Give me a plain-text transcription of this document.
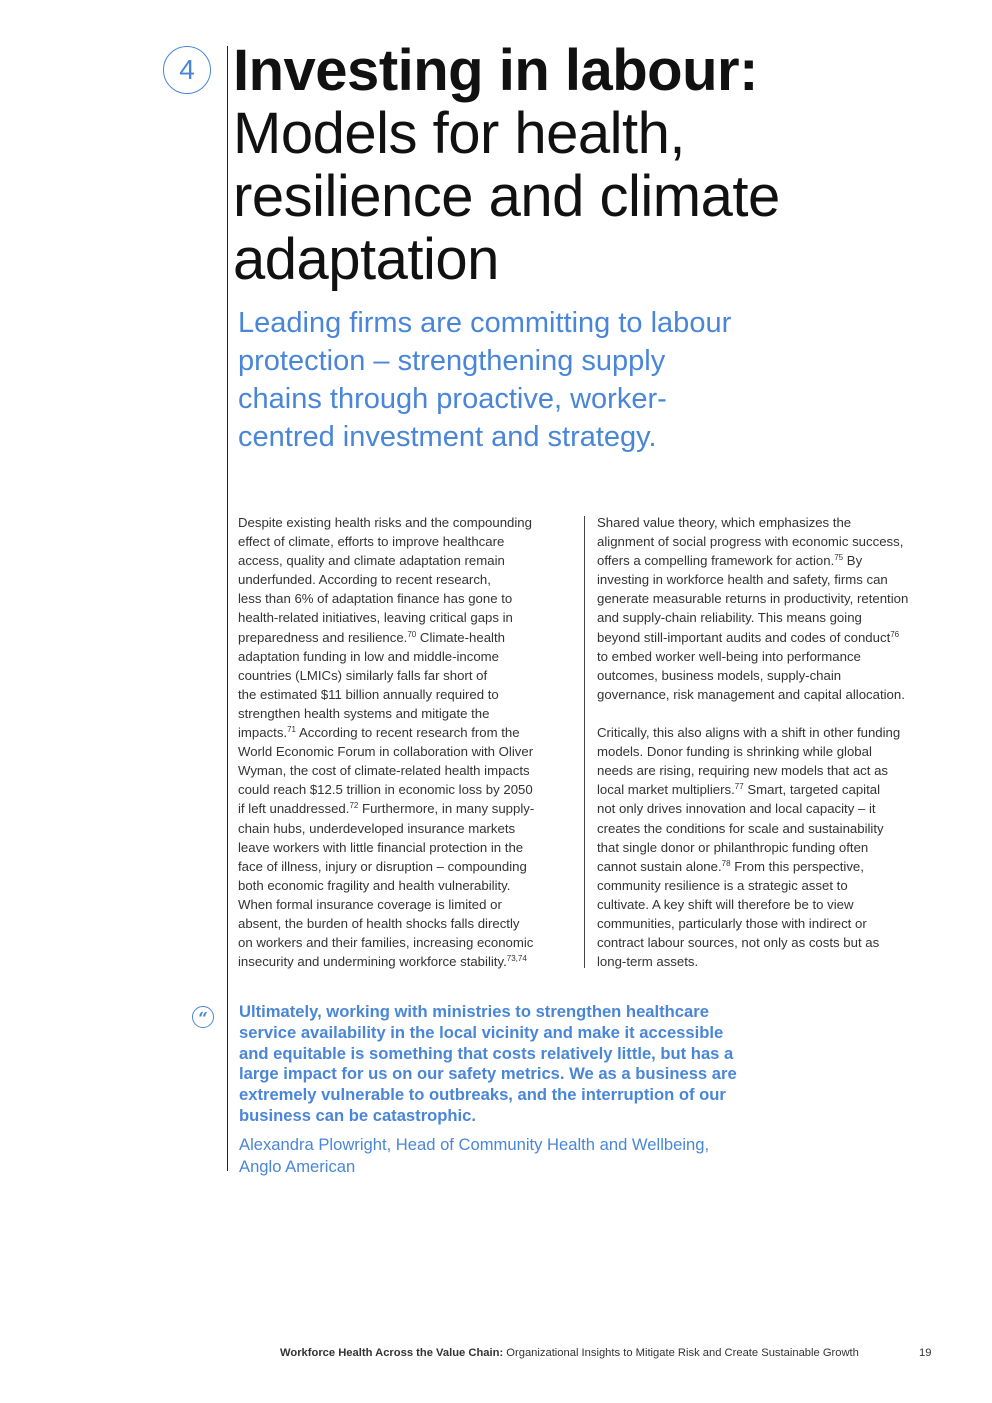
4 Investing in labour:
Models for health,
resilience and climate
adaptation
Leading firms are committing to labour
protection – strengthening supply
chains through proactive, worker-
centred investment and strategy.
Despite existing health risks and the compounding
effect of climate, efforts to improve healthcare
access, quality and climate adaptation remain
underfunded. According to recent research,
less than 6% of adaptation finance has gone to
health-related initiatives, leaving critical gaps in
preparedness and resilience.$^{70}$ Climate-health
adaptation funding in low and middle-income
countries (LMICs) similarly falls far short of
the estimated $11 billion annually required to
strengthen health systems and mitigate the
impacts.$^{71}$ According to recent research from the
World Economic Forum in collaboration with Oliver
Wyman, the cost of climate-related health impacts
could reach $12.5 trillion in economic loss by 2050
if left unaddressed.$^{72}$ Furthermore, in many supply-
chain hubs, underdeveloped insurance markets
leave workers with little financial protection in the
face of illness, injury or disruption – compounding
both economic fragility and health vulnerability.
When formal insurance coverage is limited or
absent, the burden of health shocks falls directly
on workers and their families, increasing economic
insecurity and undermining workforce stability.$^{73,74}$
Shared value theory, which emphasizes the
alignment of social progress with economic success,
offers a compelling framework for action.$^{75}$ By
investing in workforce health and safety, firms can
generate measurable returns in productivity, retention
and supply-chain reliability. This means going
beyond still-important audits and codes of conduct$^{76}$
to embed worker well-being into performance
outcomes, business models, supply-chain
governance, risk management and capital allocation.
Critically, this also aligns with a shift in other funding
models. Donor funding is shrinking while global
needs are rising, requiring new models that act as
local market multipliers.$^{77}$ Smart, targeted capital
not only drives innovation and local capacity – it
creates the conditions for scale and sustainability
that single donor or philanthropic funding often
cannot sustain alone.$^{78}$ From this perspective,
community resilience is a strategic asset to
cultivate. A key shift will therefore be to view
communities, particularly those with indirect or
contract labour sources, not only as costs but as
long-term assets.
“	Ultimately, working with ministries to strengthen healthcare
service availability in the local vicinity and make it accessible
and equitable is something that costs relatively little, but has a
large impact for us on our safety metrics. We as a business are
extremely vulnerable to outbreaks, and the interruption of our
business can be catastrophic.
Alexandra Plowright, Head of Community Health and Wellbeing,
Anglo American
Workforce Health Across the Value Chain: Organizational Insights to Mitigate Risk and Create Sustainable Growth	19
